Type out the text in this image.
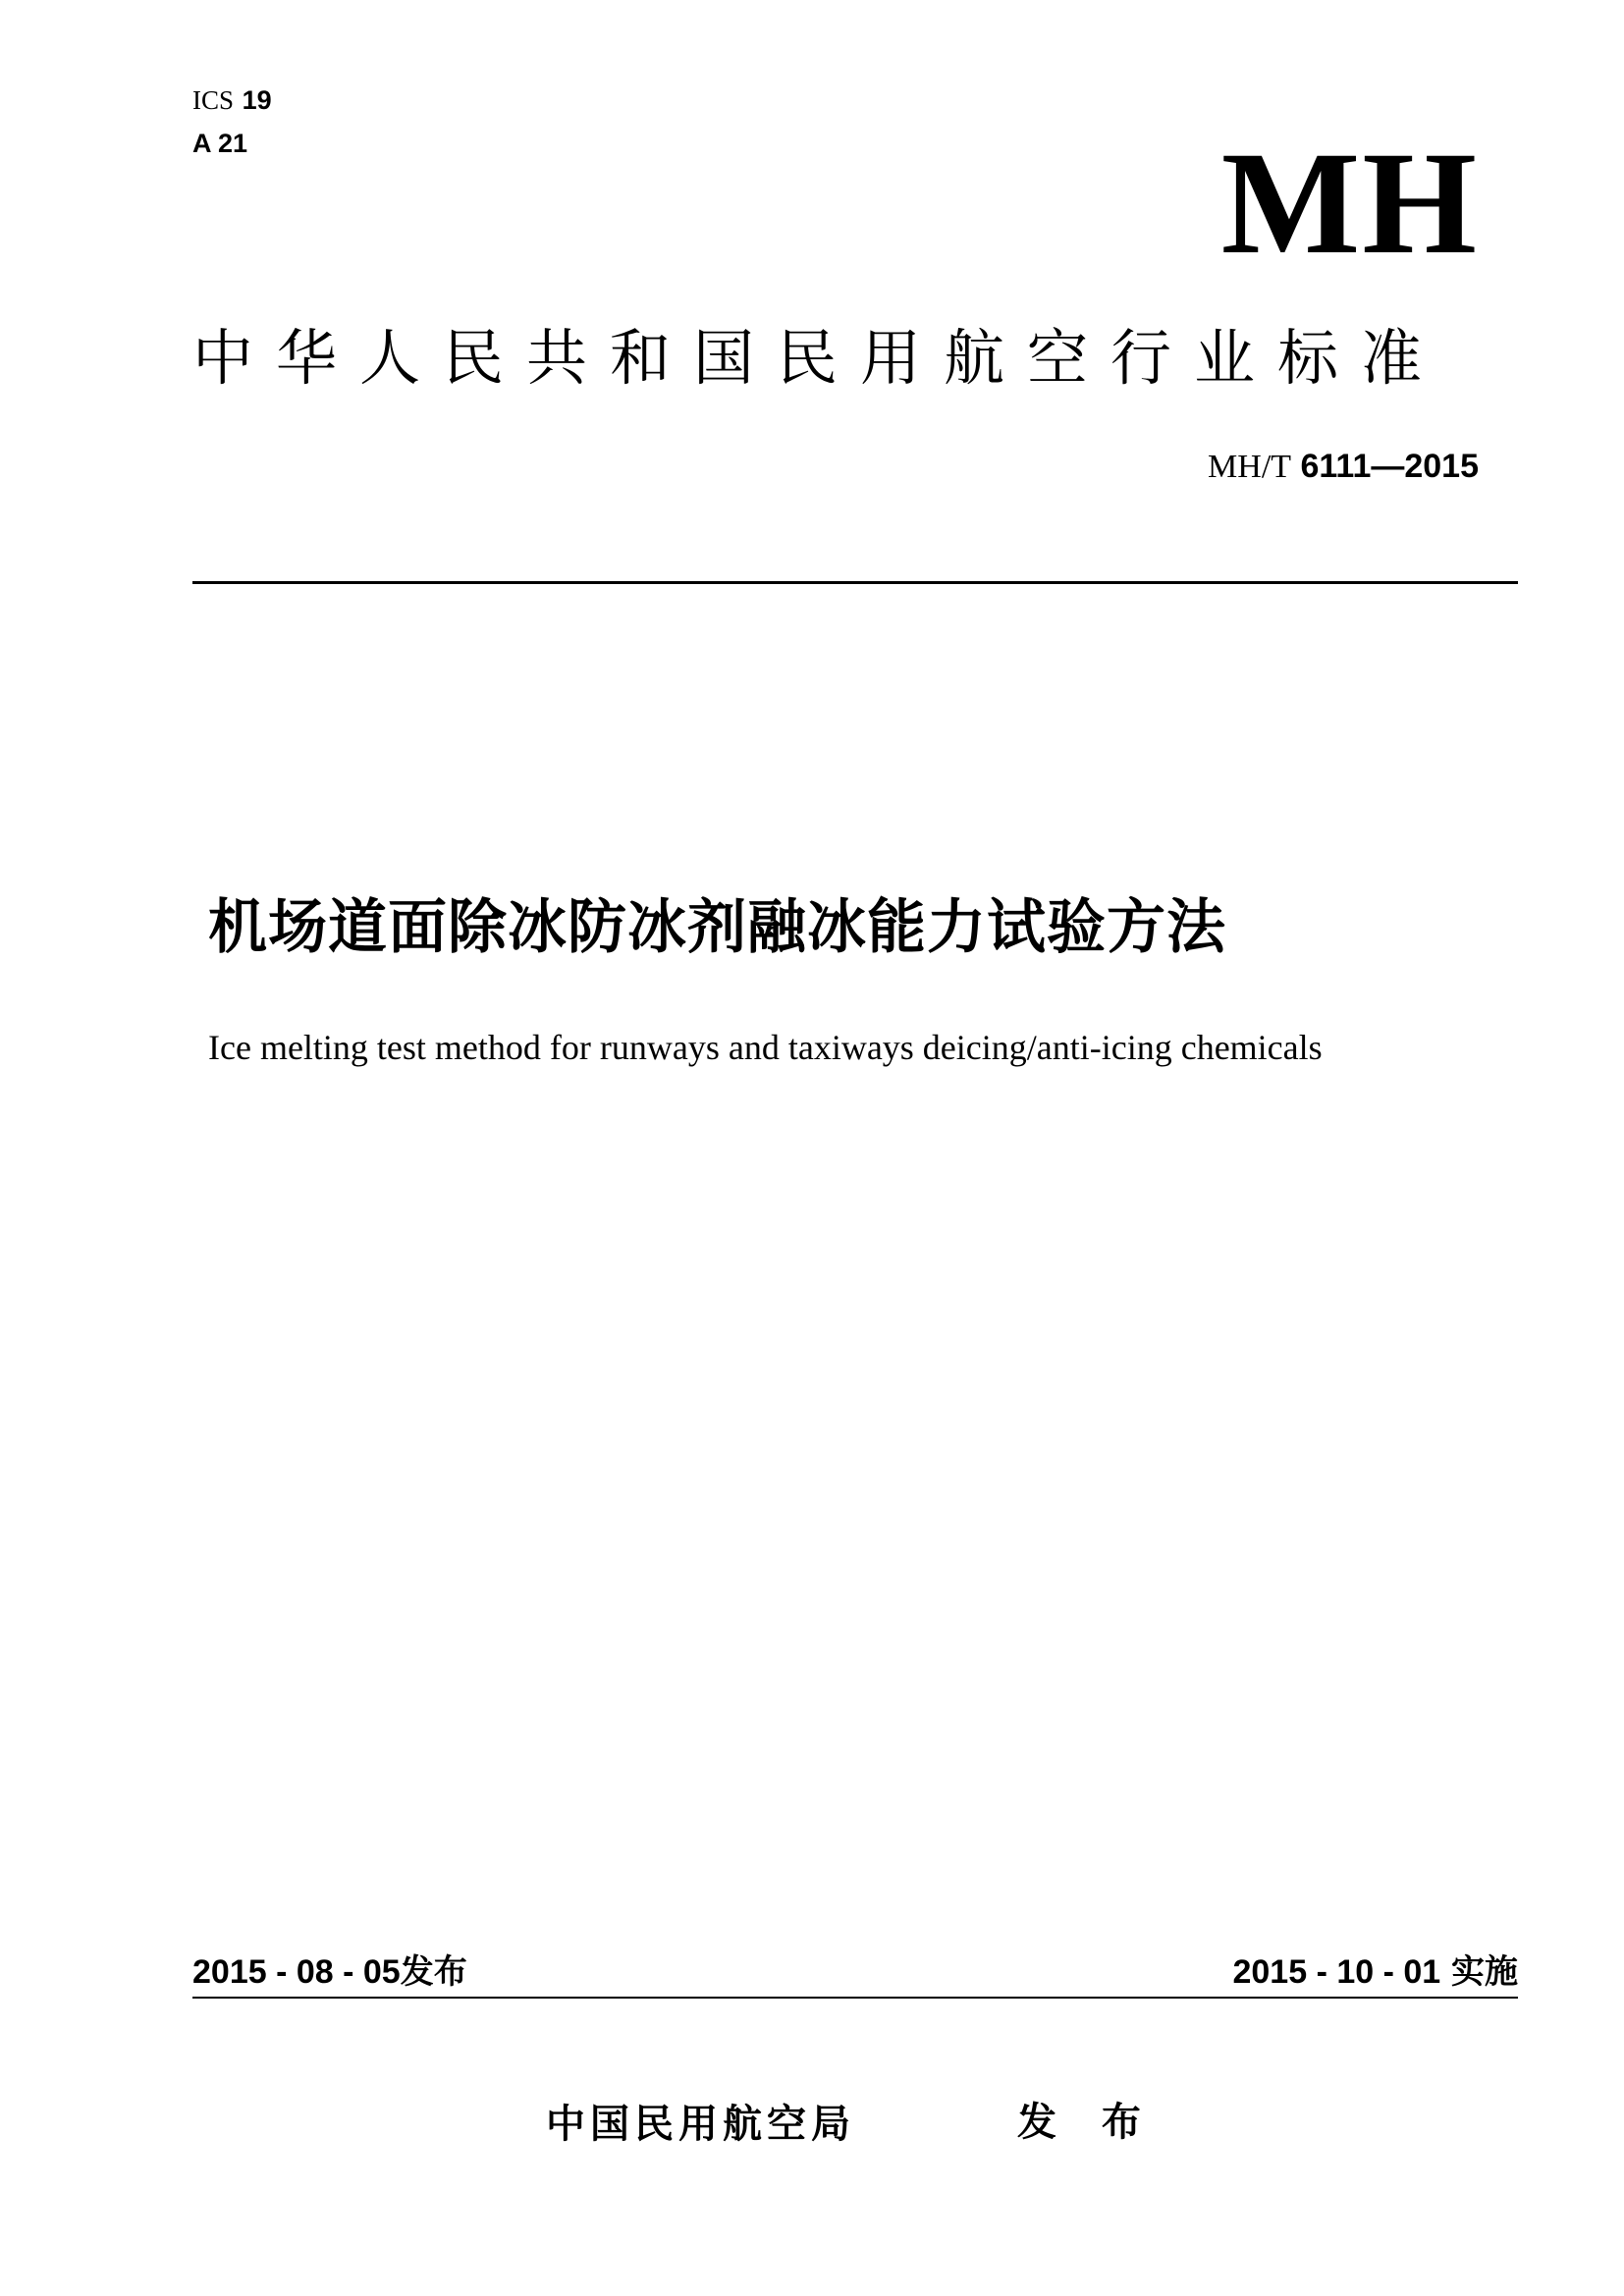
ICS 19
A 21	MH
中华人民共和国民用航空行业标准
MH/T 6111—2015
机场道面除冰防冰剂融冰能力试验方法
Ice melting test method for runways and taxiways deicing/anti-icing chemicals
2015 - 08 - 05发布	2015 - 10 - 01 实施
中国民用航空局	发 布
